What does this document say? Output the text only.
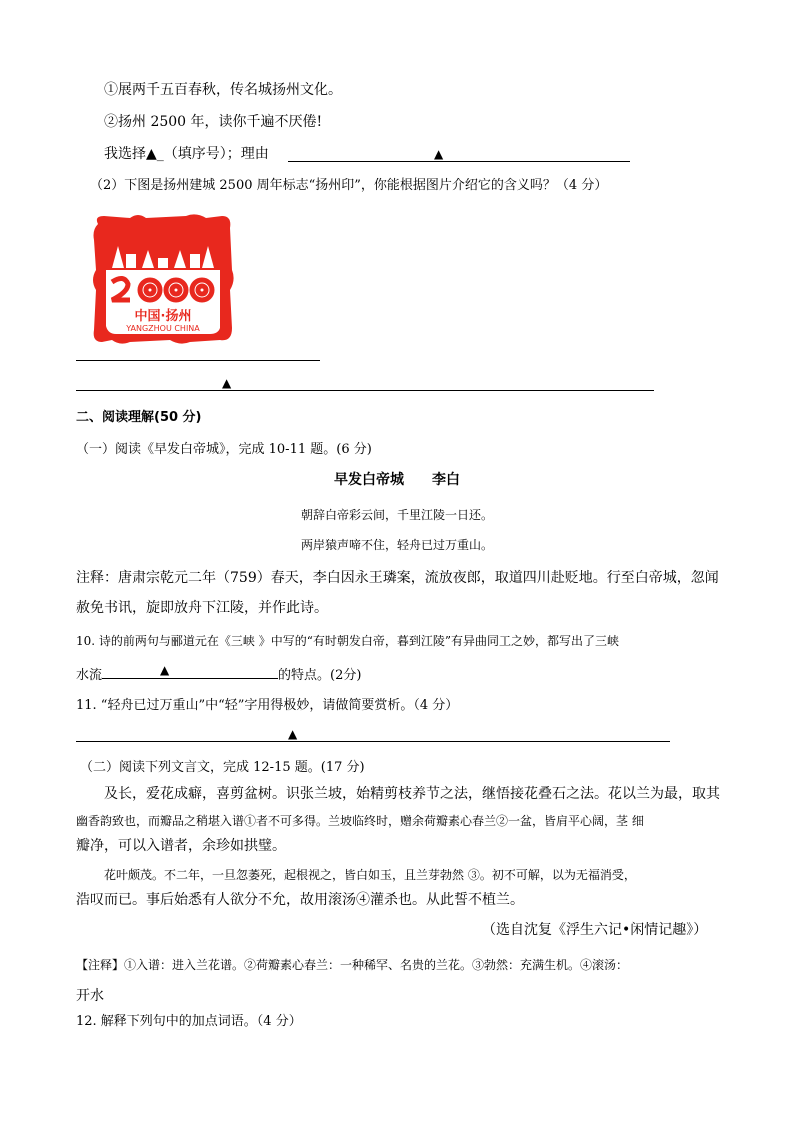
①展两千五百春秋，传名城扬州文化。
②扬州 2500 年，读你千遍不厌倦!
我选择▲_（填序号）；理由	▲
（2）下图是扬州建城 2500 周年标志“扬州印”，你能根据图片介绍它的含义吗？（4 分）
中国·扬州
YANGZHOU CHINA
▲
二、阅读理解(50 分)
（一）阅读《早发白帝城》，完成 10-11 题。(6 分)
早发白帝城 李白
朝辞白帝彩云间，千里江陵一日还。
两岸猿声啼不住，轻舟已过万重山。
注释：唐肃宗乾元二年（759）春天，李白因永王璘案，流放夜郎，取道四川赴贬地。行至白帝城，忽闻
赦免书讯，旋即放舟下江陵，并作此诗。
10. 诗的前两句与郦道元在《三峡 》中写的“有时朝发白帝，暮到江陵”有异曲同工之妙，都写出了三峡
水流	的特点。(2分)
▲
11. “轻舟已过万重山”中“轻”字用得极妙，请做简要赏析。（4 分）
▲
（二）阅读下列文言文，完成 12-15 题。(17 分)
及长，爱花成癖，喜剪盆树。识张兰坡，始精剪枝养节之法，继悟接花叠石之法。花以兰为最，取其
幽香韵致也，而瓣品之稍堪入谱①者不可多得。兰坡临终时，赠余荷瓣素心春兰②一盆，皆肩平心阔，茎 细
瓣净，可以入谱者，余珍如拱璧。
花叶颇茂。不二年，一旦忽萎死，起根视之，皆白如玉，且兰芽勃然 ③。初不可解，以为无福消受，
浩叹而已。事后始悉有人欲分不允，故用滚汤④灌杀也。从此誓不植兰。
（选自沈复《浮生六记•闲情记趣》）
【注释】①入谱：进入兰花谱。②荷瓣素心春兰：一种稀罕、名贵的兰花。③勃然：充满生机。④滚汤：
开水
12. 解释下列句中的加点词语。（4 分）
